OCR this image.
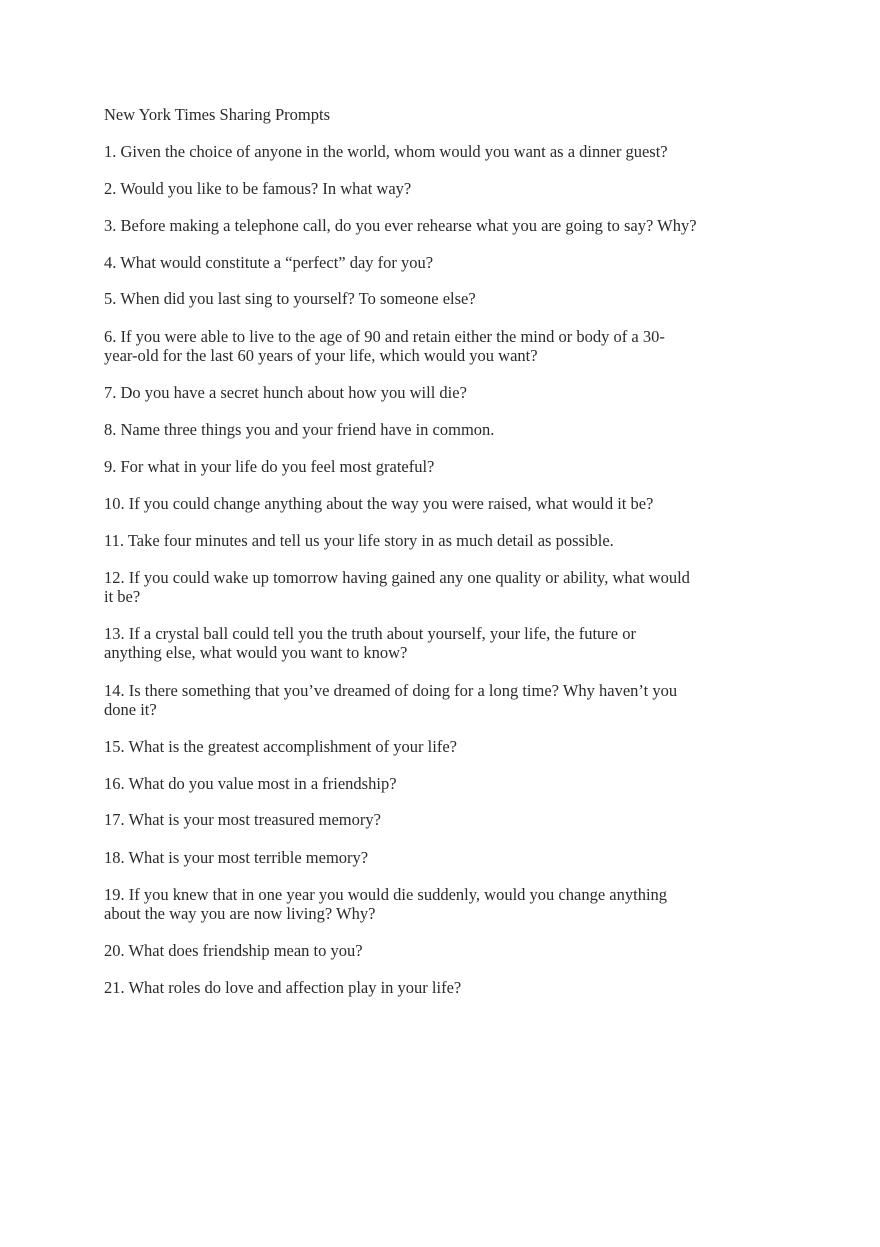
New York Times Sharing Prompts

1. Given the choice of anyone in the world, whom would you want as a dinner guest?

2. Would you like to be famous? In what way?

3. Before making a telephone call, do you ever rehearse what you are going to say? Why?

4. What would constitute a “perfect” day for you?

5. When did you last sing to yourself? To someone else?

6. If you were able to live to the age of 90 and retain either the mind or body of a 30-
year-old for the last 60 years of your life, which would you want?

7. Do you have a secret hunch about how you will die?

8. Name three things you and your friend have in common.

9. For what in your life do you feel most grateful?

10. If you could change anything about the way you were raised, what would it be?

11. Take four minutes and tell us your life story in as much detail as possible.

12. If you could wake up tomorrow having gained any one quality or ability, what would
it be?

13. If a crystal ball could tell you the truth about yourself, your life, the future or
anything else, what would you want to know?

14. Is there something that you’ve dreamed of doing for a long time? Why haven’t you
done it?

15. What is the greatest accomplishment of your life?

16. What do you value most in a friendship?

17. What is your most treasured memory?

18. What is your most terrible memory?

19. If you knew that in one year you would die suddenly, would you change anything
about the way you are now living? Why?

20. What does friendship mean to you?

21. What roles do love and affection play in your life?
